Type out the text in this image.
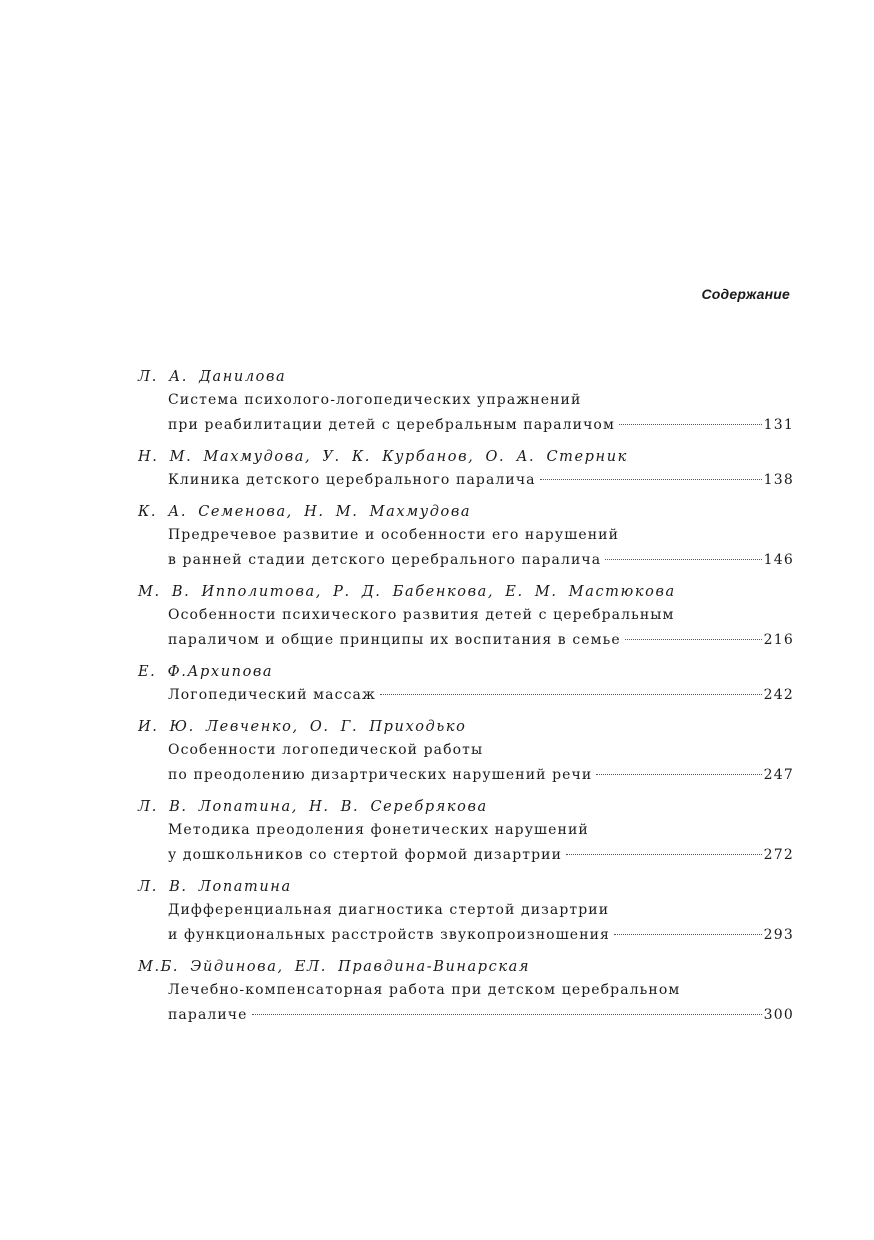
Содержание
Л. А. Данилова
Система психолого-логопедических упражнений
при реабилитации детей с церебральным параличом	131
Н. М. Махмудова, У. К. Курбанов, О. А. Стерник
Клиника детского церебрального паралича	138
К. А. Семенова, Н. М. Махмудова
Предречевое развитие и особенности его нарушений
в ранней стадии детского церебрального паралича	146
М. В. Ипполитова, Р. Д. Бабенкова, Е. М. Мастюкова
Особенности психического развития детей с церебральным
параличом и общие принципы их воспитания в семье	216
Е. Ф.Архипова
Логопедический массаж	242
И. Ю. Левченко, О. Г. Приходько
Особенности логопедической работы
по преодолению дизартрических нарушений речи	247
Л. В. Лопатина, Н. В. Серебрякова
Методика преодоления фонетических нарушений
у дошкольников со стертой формой дизартрии	272
Л. В. Лопатина
Дифференциальная диагностика стертой дизартрии
и функциональных расстройств звукопроизношения	293
М.Б. Эйдинова, ЕЛ. Правдина-Винарская
Лечебно-компенсаторная работа при детском церебральном
параличе	300
